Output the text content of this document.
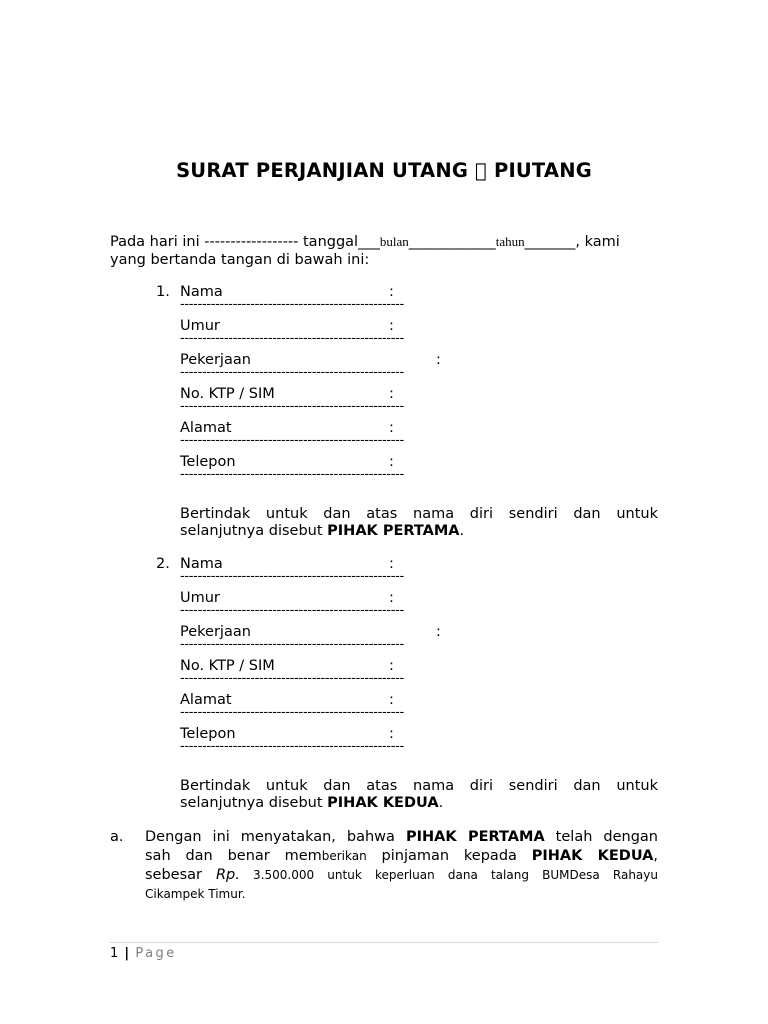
SURAT PERJANJIAN UTANG PIUTANG
Pada hari ini ------------------ tanggal___bulan____________tahun_______, kami
yang bertanda tangan di bawah ini:
1. Nama	:
---------------------------------------------------
Umur	:
---------------------------------------------------
Pekerjaan	:
---------------------------------------------------
No. KTP / SIM	:
---------------------------------------------------
Alamat	:
---------------------------------------------------
Telepon	:
---------------------------------------------------
Bertindak untuk dan atas nama diri sendiri dan untuk
selanjutnya disebut PIHAK PERTAMA.
2. Nama	:
---------------------------------------------------
Umur	:
---------------------------------------------------
Pekerjaan	:
---------------------------------------------------
No. KTP / SIM	:
---------------------------------------------------
Alamat	:
---------------------------------------------------
Telepon	:
---------------------------------------------------
Bertindak untuk dan atas nama diri sendiri dan untuk
selanjutnya disebut PIHAK KEDUA.
a. Dengan ini menyatakan, bahwa PIHAK PERTAMA telah dengan
sah dan benar memberikan pinjaman kepada PIHAK KEDUA,
sebesar Rp. 3.500.000 untuk keperluan dana talang BUMDesa Rahayu
Cikampek Timur.
1 | Page
